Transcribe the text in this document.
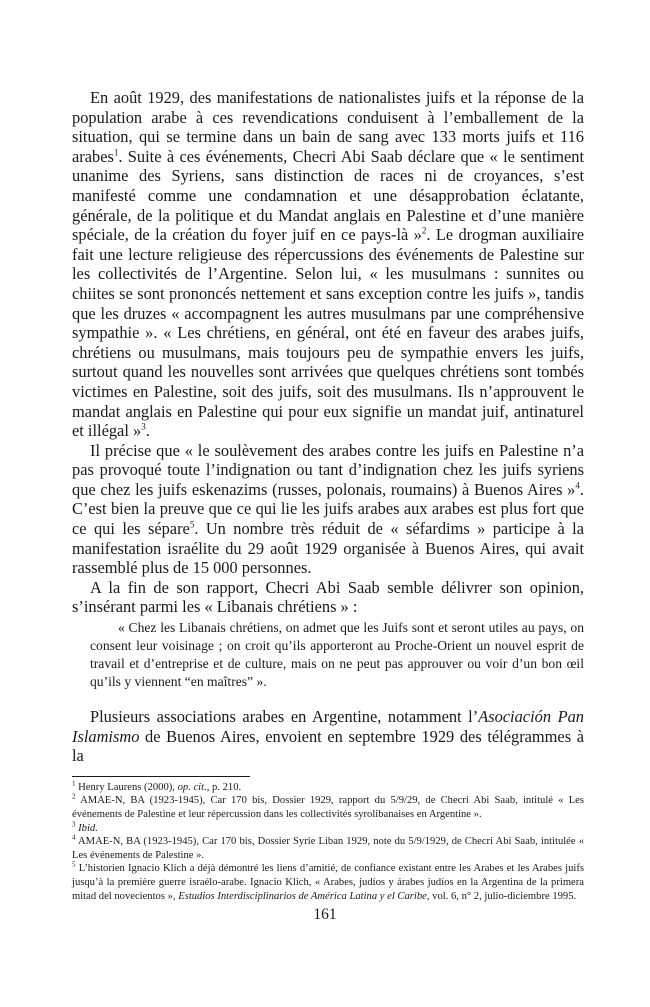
En août 1929, des manifestations de nationalistes juifs et la réponse de la population arabe à ces revendications conduisent à l’emballement de la situation, qui se termine dans un bain de sang avec 133 morts juifs et 116 arabes$^1$. Suite à ces événements, Checri Abi Saab déclare que « le sentiment unanime des Syriens, sans distinction de races ni de croyances, s’est manifesté comme une condamnation et une désapprobation éclatante, générale, de la politique et du Mandat anglais en Palestine et d’une manière spéciale, de la création du foyer juif en ce pays-là »$^2$. Le drogman auxiliaire fait une lecture religieuse des répercussions des événements de Palestine sur les collectivités de l’Argentine. Selon lui, « les musulmans : sunnites ou chiites se sont prononcés nettement et sans exception contre les juifs », tandis que les druzes « accompagnent les autres musulmans par une compréhensive sympathie ». « Les chrétiens, en général, ont été en faveur des arabes juifs, chrétiens ou musulmans, mais toujours peu de sympathie envers les juifs, surtout quand les nouvelles sont arrivées que quelques chrétiens sont tombés victimes en Palestine, soit des juifs, soit des musulmans. Ils n’approuvent le mandat anglais en Palestine qui pour eux signifie un mandat juif, antinaturel et illégal »$^3$.

Il précise que « le soulèvement des arabes contre les juifs en Palestine n’a pas provoqué toute l’indignation ou tant d’indignation chez les juifs syriens que chez les juifs eskenazims (russes, polonais, roumains) à Buenos Aires »$^4$. C’est bien la preuve que ce qui lie les juifs arabes aux arabes est plus fort que ce qui les sépare$^5$. Un nombre très réduit de « séfardims » participe à la manifestation israélite du 29 août 1929 organisée à Buenos Aires, qui avait rassemblé plus de 15 000 personnes.

A la fin de son rapport, Checri Abi Saab semble délivrer son opinion, s’insérant parmi les « Libanais chrétiens » :

« Chez les Libanais chrétiens, on admet que les Juifs sont et seront utiles au pays, on consent leur voisinage ; on croit qu’ils apporteront au Proche-Orient un nouvel esprit de travail et d’entreprise et de culture, mais on ne peut pas approuver ou voir d’un bon œil qu’ils y viennent “en maîtres” ».

Plusieurs associations arabes en Argentine, notamment l’Asociación Pan Islamismo de Buenos Aires, envoient en septembre 1929 des télégrammes à la

$^1$ Henry Laurens (2000), op. cit., p. 210.

$^2$ AMAE-N, BA (1923-1945), Car 170 bis, Dossier 1929, rapport du 5/9/29, de Checri Abi Saab, intitulé « Les événements de Palestine et leur répercussion dans les collectivités syrolibanaises en Argentine ».

$^3$ Ibid.

$^4$ AMAE-N, BA (1923-1945), Car 170 bis, Dossier Syrie Liban 1929, note du 5/9/1929, de Checri Abi Saab, intitulée « Les événements de Palestine ».

$^5$ L’historien Ignacio Klich a déjà démontré les liens d’amitié, de confiance existant entre les Arabes et les Arabes juifs jusqu’à la première guerre israélo-arabe. Ignacio Klich, « Arabes, judíos y árabes judíos en la Argentina de la primera mitad del novecientos », Estudios Interdisciplinarios de América Latina y el Caribe, vol. 6, n° 2, julio-diciembre 1995.

161
